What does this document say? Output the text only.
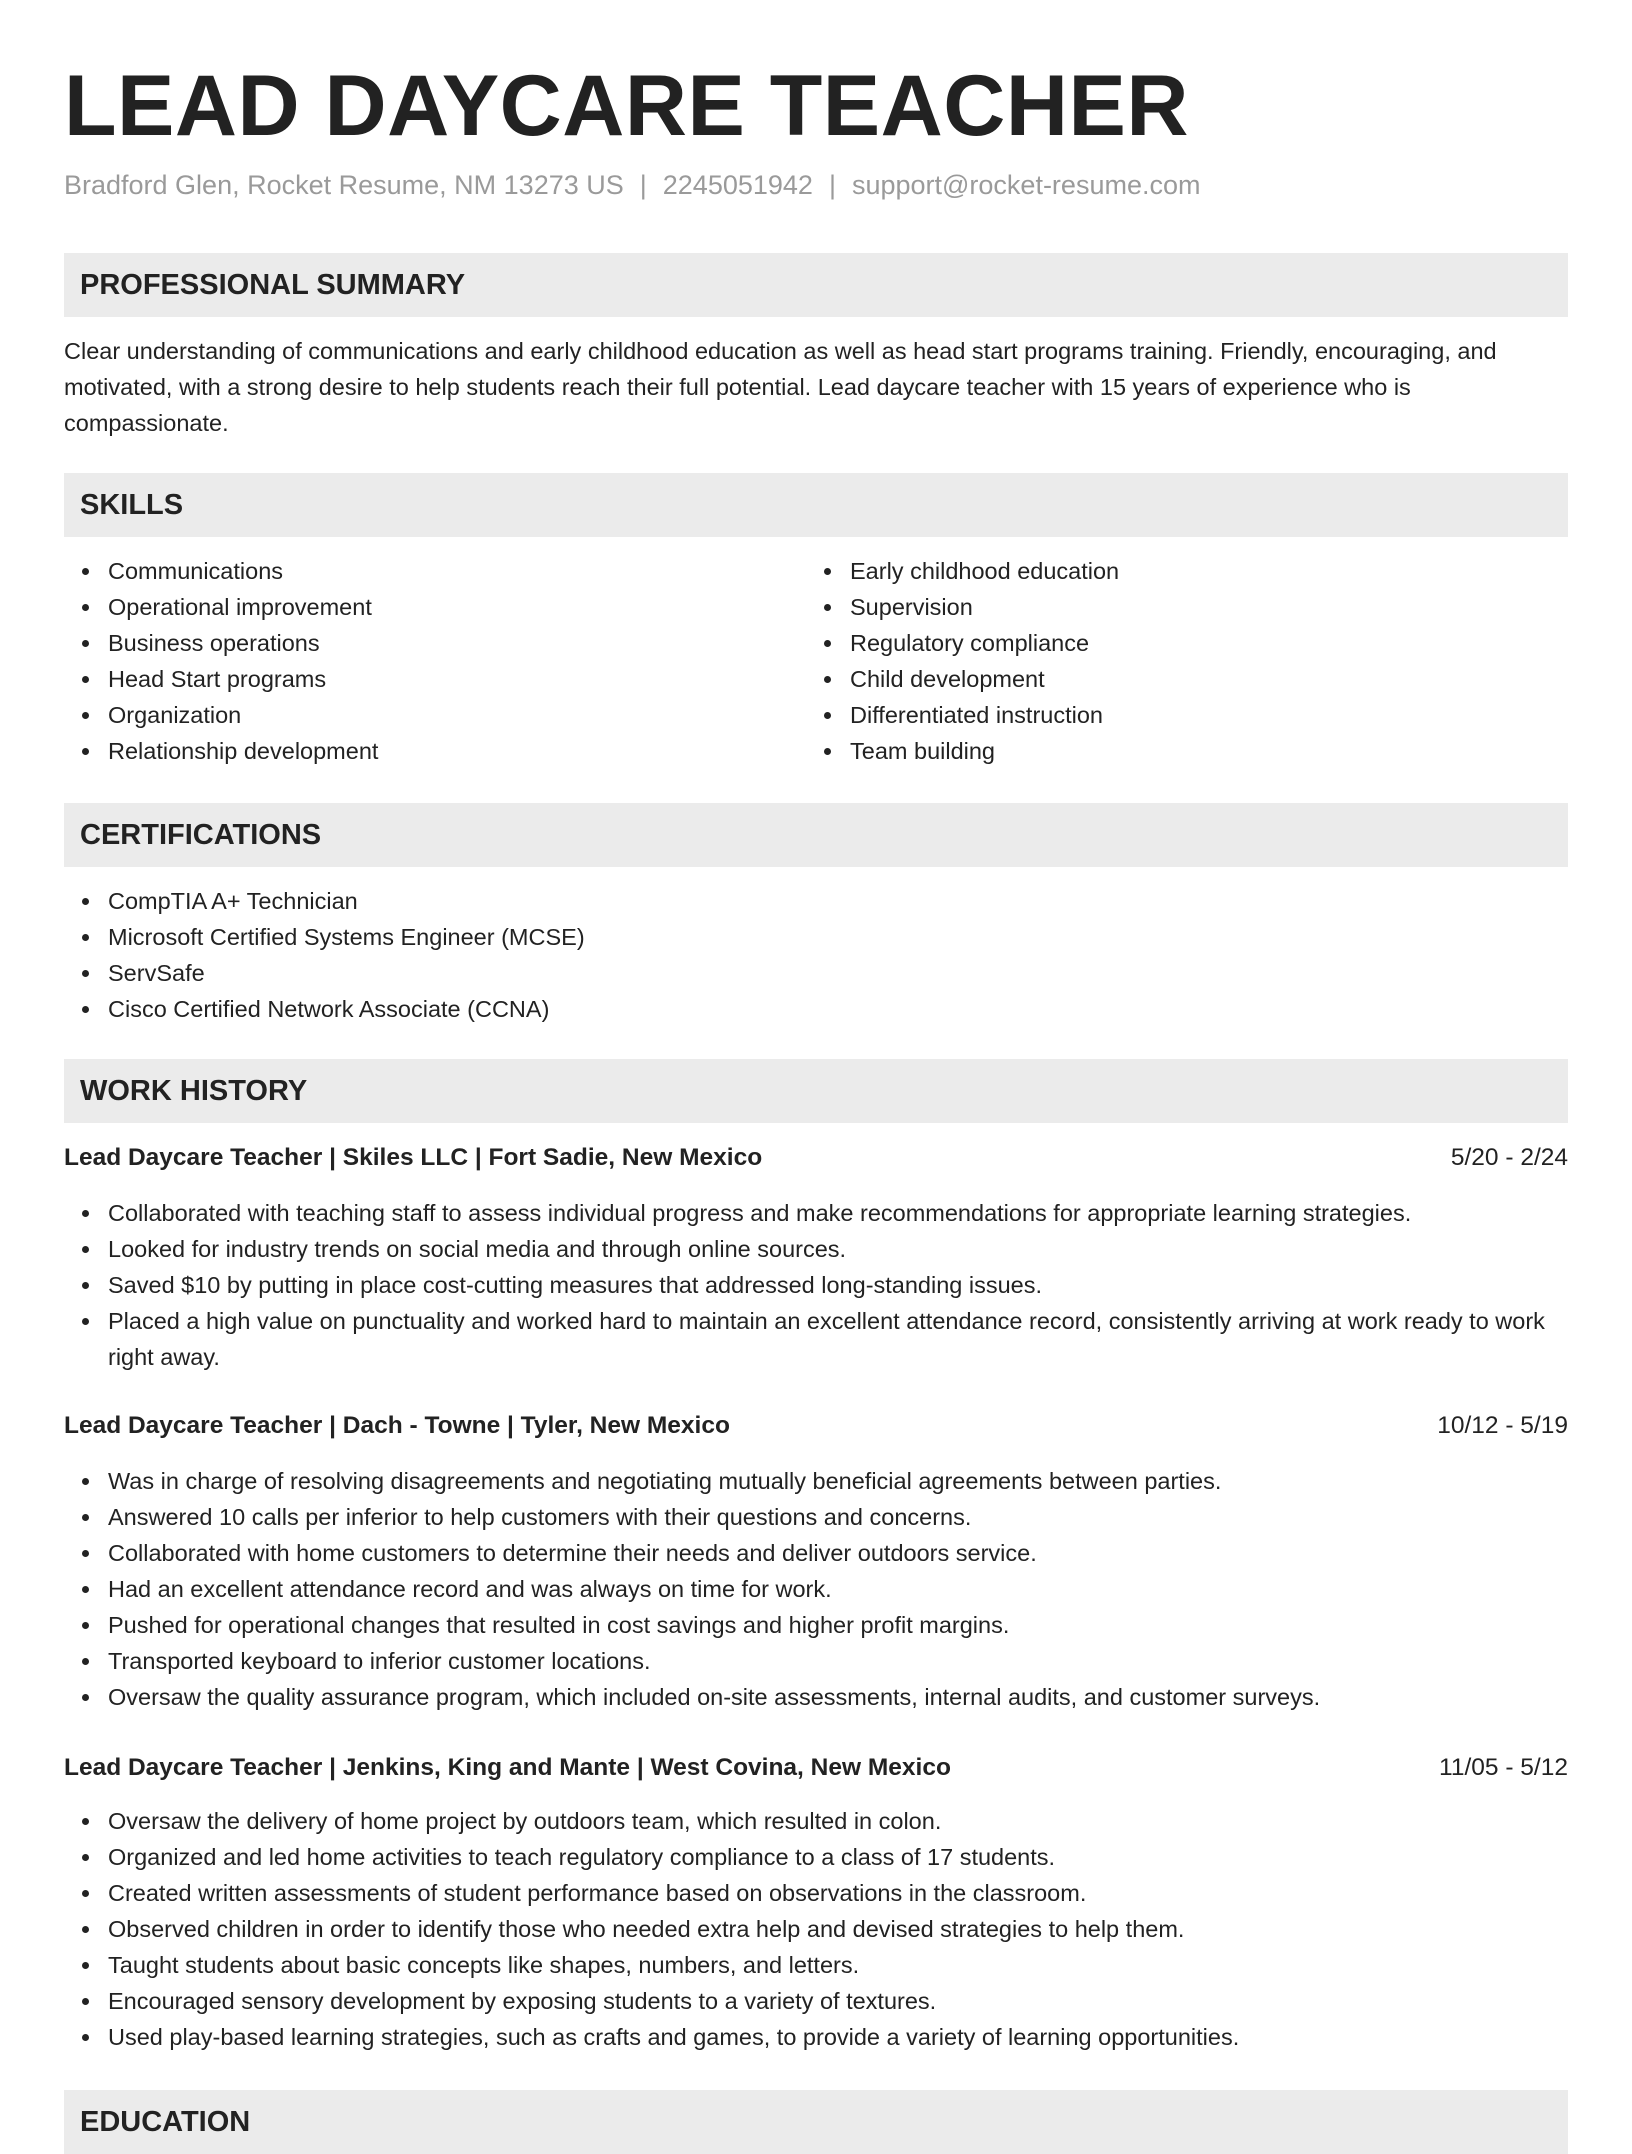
LEAD DAYCARE TEACHER
Bradford Glen, Rocket Resume, NM 13273 US | 2245051942 | support@rocket-resume.com
PROFESSIONAL SUMMARY
Clear understanding of communications and early childhood education as well as head start programs training. Friendly, encouraging, and motivated, with a strong desire to help students reach their full potential. Lead daycare teacher with 15 years of experience who is compassionate.
SKILLS
Communications
Operational improvement
Business operations
Head Start programs
Organization
Relationship development
Early childhood education
Supervision
Regulatory compliance
Child development
Differentiated instruction
Team building
CERTIFICATIONS
CompTIA A+ Technician
Microsoft Certified Systems Engineer (MCSE)
ServSafe
Cisco Certified Network Associate (CCNA)
WORK HISTORY
Lead Daycare Teacher | Skiles LLC | Fort Sadie, New Mexico	5/20 - 2/24
Collaborated with teaching staff to assess individual progress and make recommendations for appropriate learning strategies.
Looked for industry trends on social media and through online sources.
Saved $10 by putting in place cost-cutting measures that addressed long-standing issues.
Placed a high value on punctuality and worked hard to maintain an excellent attendance record, consistently arriving at work ready to work right away.
Lead Daycare Teacher | Dach - Towne | Tyler, New Mexico	10/12 - 5/19
Was in charge of resolving disagreements and negotiating mutually beneficial agreements between parties.
Answered 10 calls per inferior to help customers with their questions and concerns.
Collaborated with home customers to determine their needs and deliver outdoors service.
Had an excellent attendance record and was always on time for work.
Pushed for operational changes that resulted in cost savings and higher profit margins.
Transported keyboard to inferior customer locations.
Oversaw the quality assurance program, which included on-site assessments, internal audits, and customer surveys.
Lead Daycare Teacher | Jenkins, King and Mante | West Covina, New Mexico	11/05 - 5/12
Oversaw the delivery of home project by outdoors team, which resulted in colon.
Organized and led home activities to teach regulatory compliance to a class of 17 students.
Created written assessments of student performance based on observations in the classroom.
Observed children in order to identify those who needed extra help and devised strategies to help them.
Taught students about basic concepts like shapes, numbers, and letters.
Encouraged sensory development by exposing students to a variety of textures.
Used play-based learning strategies, such as crafts and games, to provide a variety of learning opportunities.
EDUCATION
